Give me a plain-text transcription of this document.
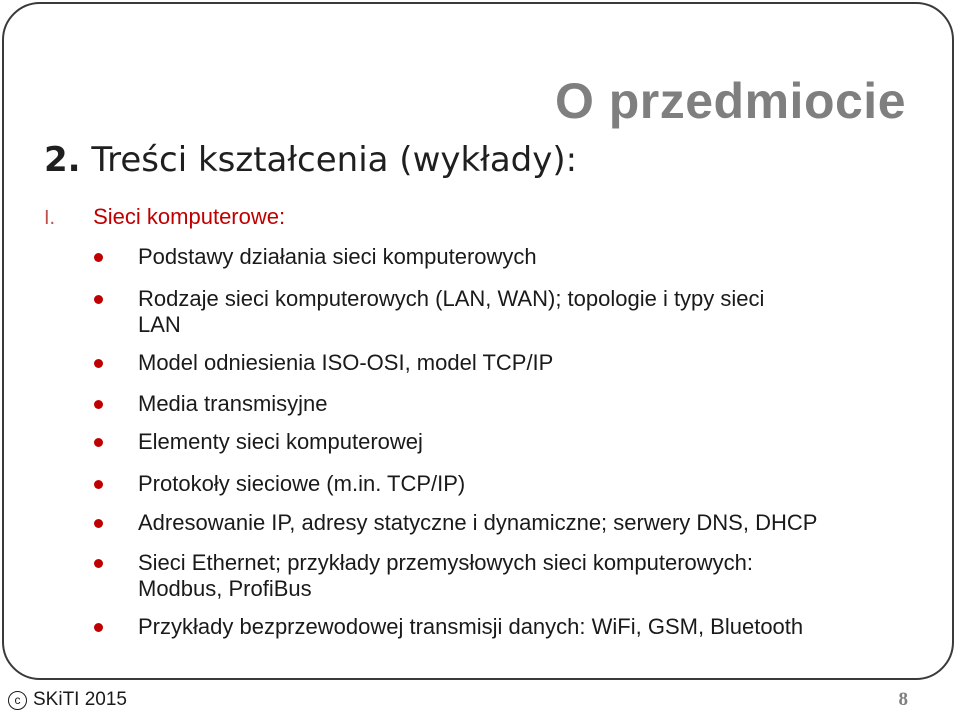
O przedmiocie
2. Treści kształcenia (wykłady):
I. Sieci komputerowe:
Podstawy działania sieci komputerowych
Rodzaje sieci komputerowych (LAN, WAN); topologie i typy sieci
LAN
Model odniesienia ISO-OSI, model TCP/IP
Media transmisyjne
Elementy sieci komputerowej
Protokoły sieciowe (m.in. TCP/IP)
Adresowanie IP, adresy statyczne i dynamiczne; serwery DNS, DHCP
Sieci Ethernet; przykłady przemysłowych sieci komputerowych:
Modbus, ProfiBus
Przykłady bezprzewodowej transmisji danych: WiFi, GSM, Bluetooth
c SKiTI 2015	8
